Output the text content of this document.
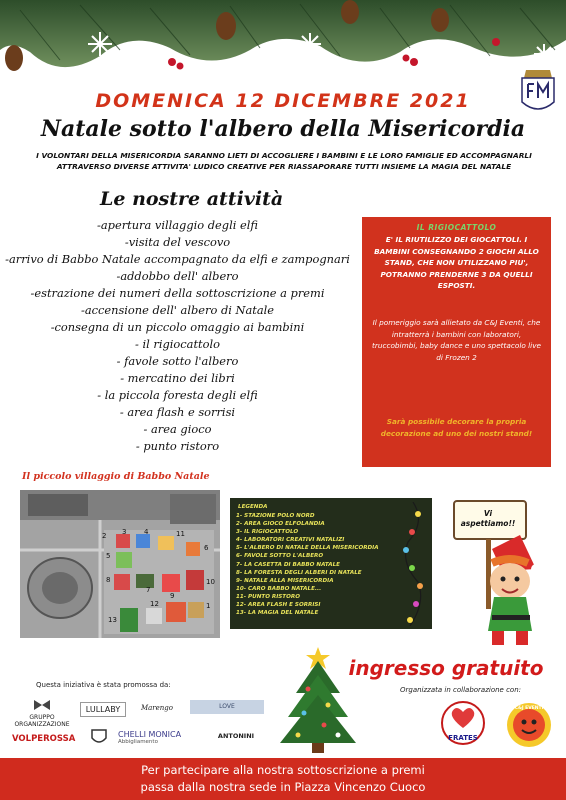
DOMENICA 12 DICEMBRE 2021
Natale sotto l'albero della Misericordia
I VOLONTARI DELLA MISERICORDIA SARANNO LIETI DI ACCOGLIERE I BAMBINI E LE LORO FAMIGLIE ED ACCOMPAGNARLI
ATTRAVERSO DIVERSE ATTIVITA' LUDICO CREATIVE PER RIASSAPORARE TUTTI INSIEME LA MAGIA DEL NATALE
Le nostre attività
-apertura villaggio degli elfi
-visita del vescovo
-arrivo di Babbo Natale accompagnato da elfi e zampognari
-addobbo dell' albero
-estrazione dei numeri della sottoscrizione a premi
-accensione dell' albero di Natale
-consegna di un piccolo omaggio ai bambini
- il rigiocattolo
- favole sotto l'albero
- mercatino dei libri
- la piccola foresta degli elfi
- area flash e sorrisi
- area gioco
- punto ristoro
IL RIGIOCATTOLO
E' IL RIUTILIZZO DEI GIOCATTOLI. I BAMBINI CONSEGNANDO 2 GIOCHI ALLO STAND, CHE NON UTILIZZANO PIU', POTRANNO PRENDERNE 3 DA QUELLI ESPOSTI.
Il pomeriggio sarà allietato da C&J Eventi, che intratterrà i bambini con laboratori, truccobimbi, baby dance e uno spettacolo live di Frozen 2
Sarà possibile decorare la propria decorazione ad uno dei nostri stand!
Il piccolo villaggio di Babbo Natale
2 3	4
5
6
7
8
9
10
11
12
13
1
LEGENDA
1- STAZIONE POLO NORD
2- AREA GIOCO ELFOLANDIA
3- IL RIGIOCATTOLO
4- LABORATORI CREATIVI NATALIZI
5- L'ALBERO DI NATALE DELLA MISERICORDIA
6- FAVOLE SOTTO L'ALBERO
7- LA CASETTA DI BABBO NATALE
8- LA FORESTA DEGLI ALBERI DI NATALE
9- NATALE ALLA MISERICORDIA
10- CARO BABBO NATALE...
11- PUNTO RISTORO
12- AREA FLASH E SORRISI
13- LA MAGIA DEL NATALE
Vi aspettiamo!!
ingresso gratuito
Questa iniziativa è stata promossa da:
Organizzata in collaborazione con:
GRUPPO ORGANIZZAZIONE
LULLABY	Marengo	LOVE
VOLPEROSSA	CHELLI MONICA
Abbigliamento
ANTONINI	FRATES
C&J EVENTI
Per partecipare alla nostra sottoscrizione a premi
passa dalla nostra sede in Piazza Vincenzo Cuoco
